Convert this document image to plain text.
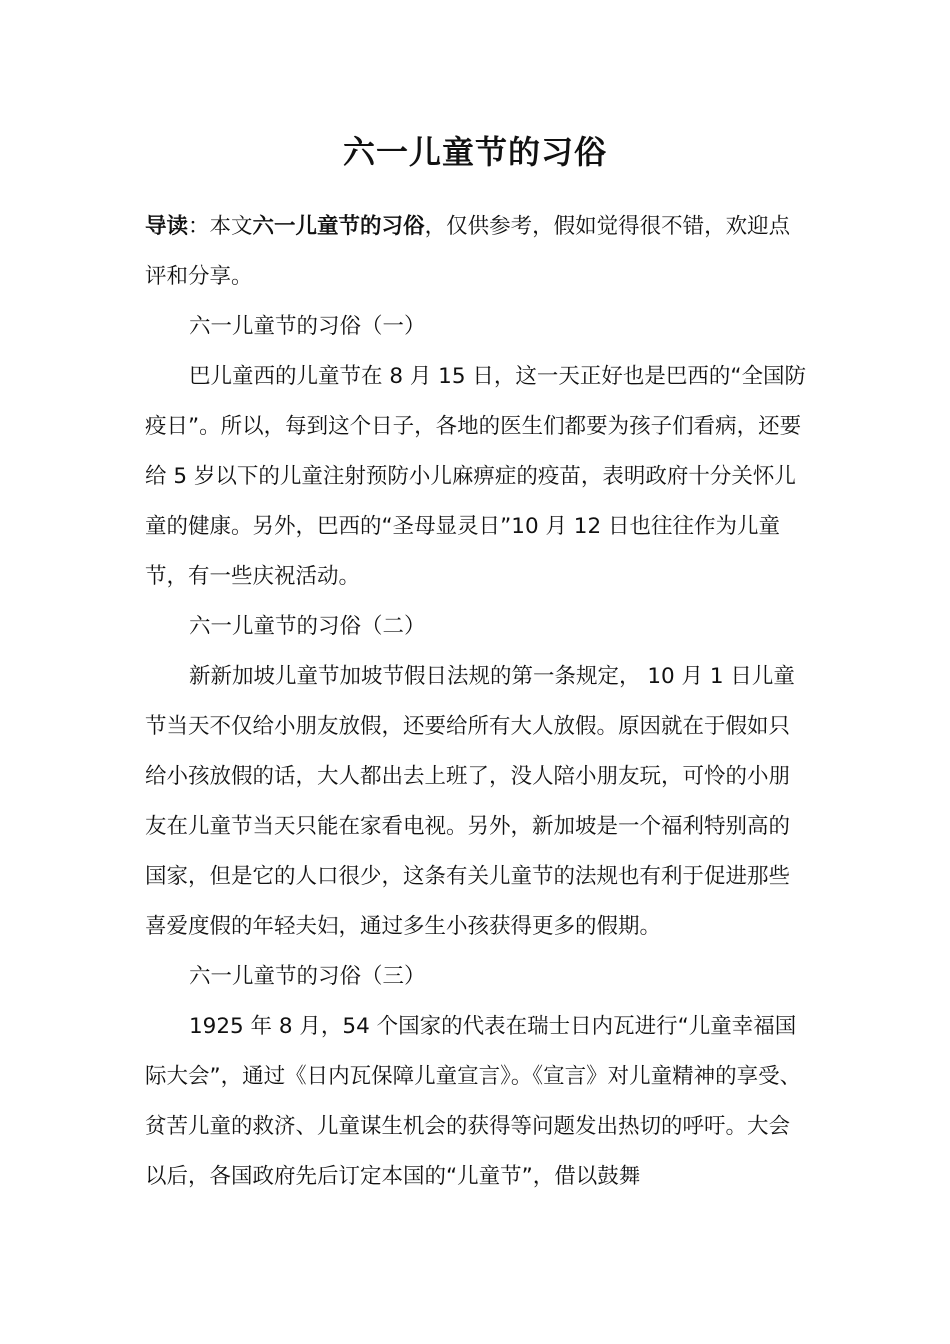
六一儿童节的习俗

导读：本文六一儿童节的习俗，仅供参考，假如觉得很不错，欢迎点评和分享。

六一儿童节的习俗（一）

巴儿童西的儿童节在 8 月 15 日，这一天正好也是巴西的“全国防疫日”。所以，每到这个日子，各地的医生们都要为孩子们看病，还要给 5 岁以下的儿童注射预防小儿麻痹症的疫苗，表明政府十分关怀儿童的健康。另外，巴西的“圣母显灵日”10 月 12 日也往往作为儿童节，有一些庆祝活动。

六一儿童节的习俗（二）

新新加坡儿童节加坡节假日法规的第一条规定， 10 月 1 日儿童节当天不仅给小朋友放假，还要给所有大人放假。原因就在于假如只给小孩放假的话，大人都出去上班了，没人陪小朋友玩，可怜的小朋友在儿童节当天只能在家看电视。另外，新加坡是一个福利特别高的国家，但是它的人口很少，这条有关儿童节的法规也有利于促进那些喜爱度假的年轻夫妇，通过多生小孩获得更多的假期。

六一儿童节的习俗（三）

1925 年 8 月，54 个国家的代表在瑞士日内瓦进行“儿童幸福国际大会”，通过《日内瓦保障儿童宣言》。《宣言》对儿童精神的享受、贫苦儿童的救济、儿童谋生机会的获得等问题发出热切的呼吁。大会以后，各国政府先后订定本国的“儿童节”，借以鼓舞
